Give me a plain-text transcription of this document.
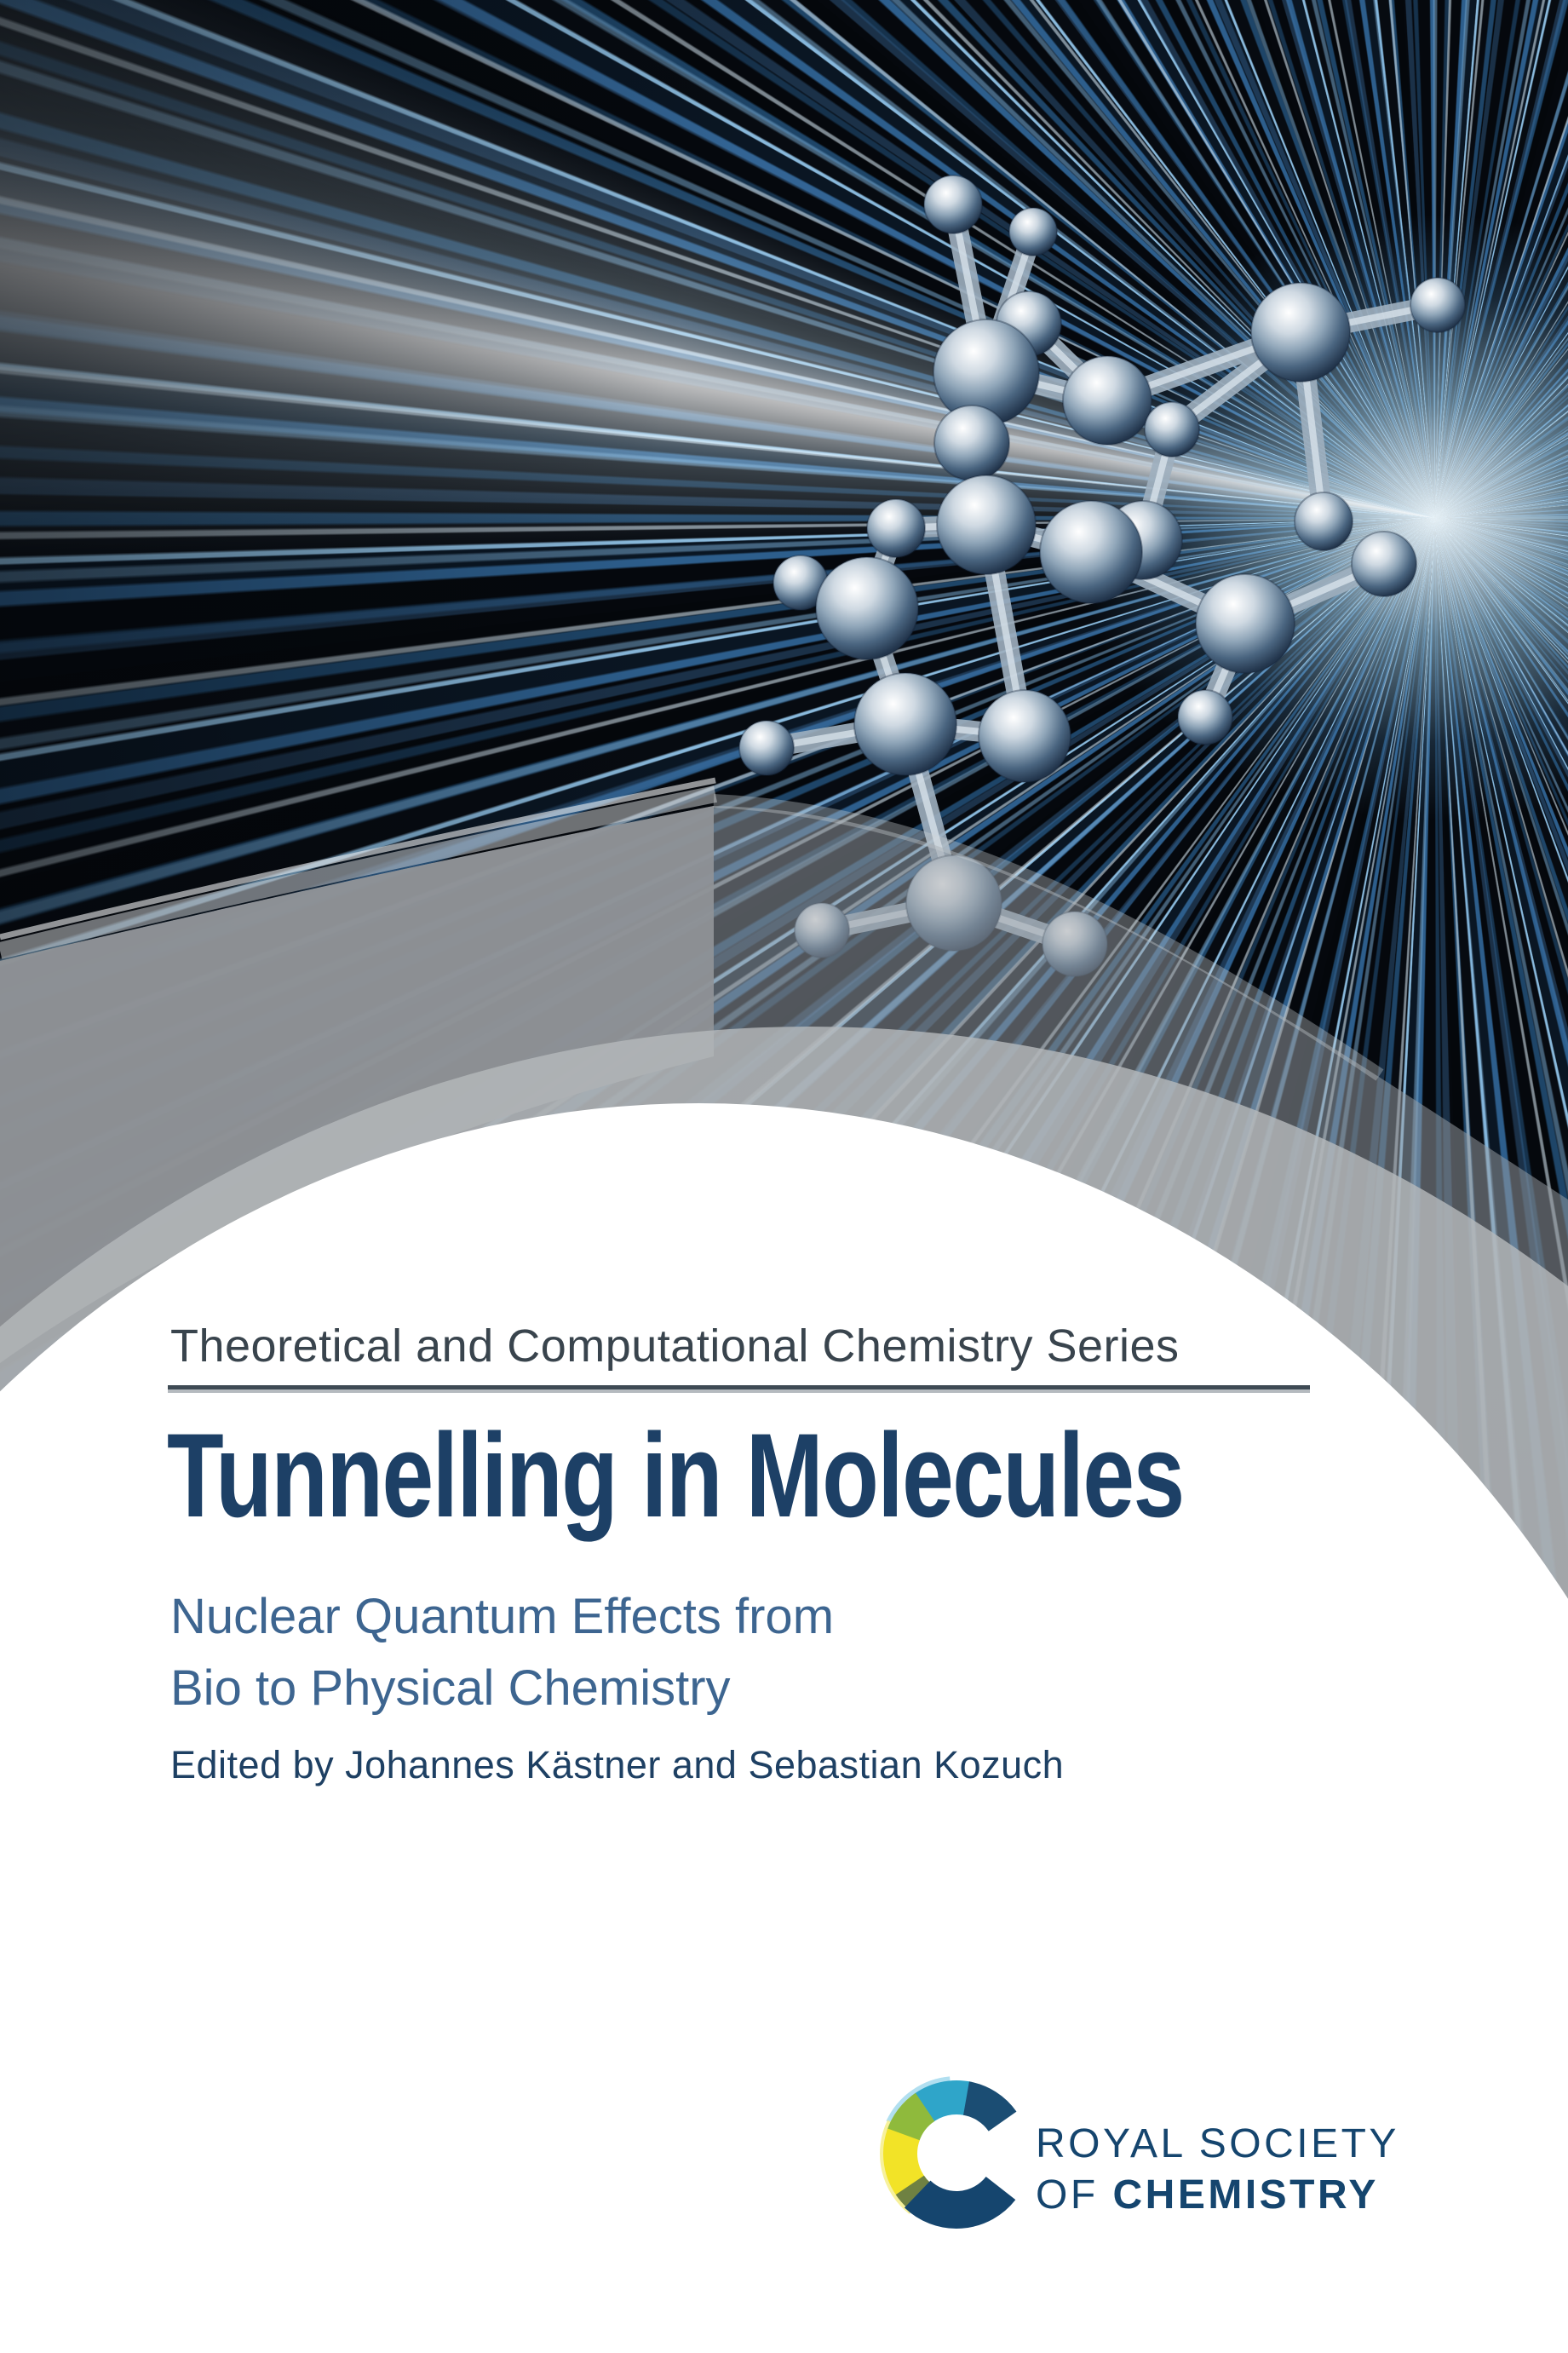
Theoretical and Computational Chemistry Series
Tunnelling in Molecules
Nuclear Quantum Effects from
Bio to Physical Chemistry
Edited by Johannes Kästner and Sebastian Kozuch
ROYAL SOCIETY
OF CHEMISTRY
